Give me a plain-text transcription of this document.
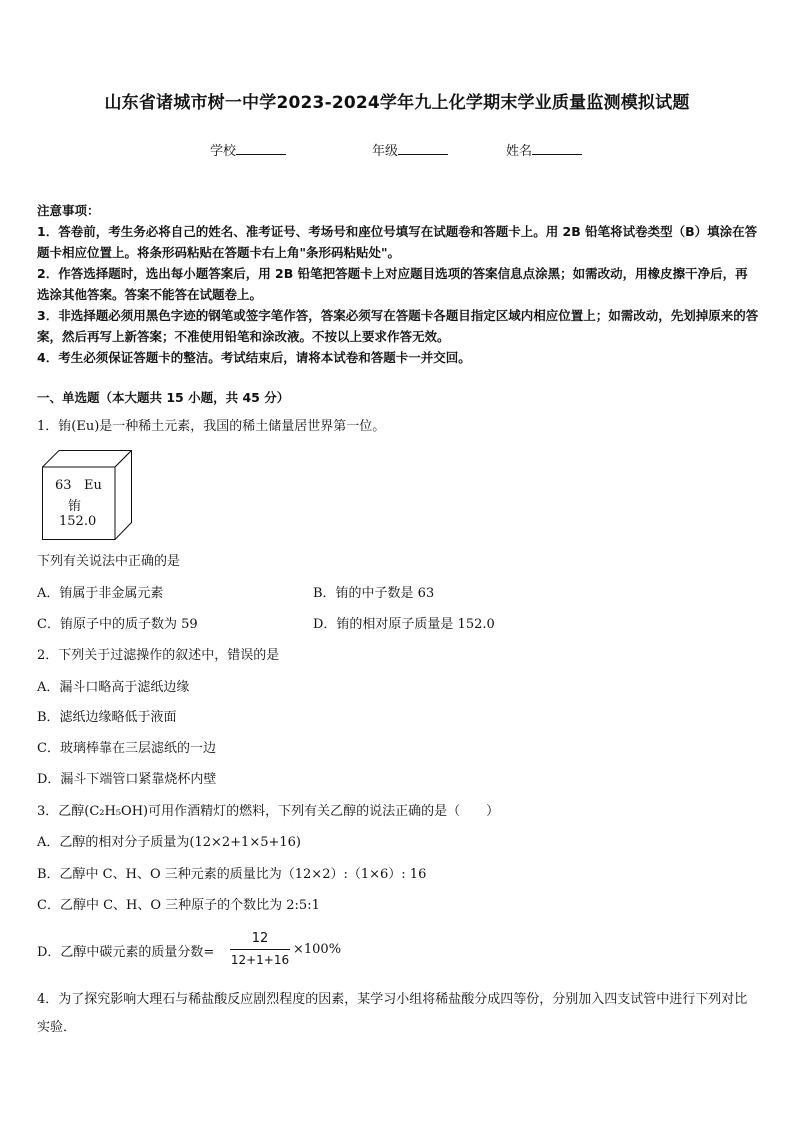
山东省诸城市树一中学2023-2024学年九上化学期末学业质量监测模拟试题
学校	年级	姓名

注意事项：

1．答卷前，考生务必将自己的姓名、准考证号、考场号和座位号填写在试题卷和答题卡上。用 2B 铅笔将试卷类型（B）填涂在答题卡相应位置上。将条形码粘贴在答题卡右上角"条形码粘贴处"。

2．作答选择题时，选出每小题答案后，用 2B 铅笔把答题卡上对应题目选项的答案信息点涂黑；如需改动，用橡皮擦干净后，再选涂其他答案。答案不能答在试题卷上。

3．非选择题必须用黑色字迹的钢笔或签字笔作答，答案必须写在答题卡各题目指定区域内相应位置上；如需改动，先划掉原来的答案，然后再写上新答案；不准使用铅笔和涂改液。不按以上要求作答无效。

4．考生必须保证答题卡的整洁。考试结束后，请将本试卷和答题卡一并交回。

一、单选题（本大题共 15 小题，共 45 分）
1．铕(Eu)是一种稀土元素，我国的稀土储量居世界第一位。
63 Eu
铕
152.0
下列有关说法中正确的是
A．铕属于非金属元素	B．铕的中子数是 63
C．铕原子中的质子数为 59	D．铕的相对原子质量是 152.0
2．下列关于过滤操作的叙述中，错误的是
A．漏斗口略高于滤纸边缘
B．滤纸边缘略低于液面
C．玻璃棒靠在三层滤纸的一边
D．漏斗下端管口紧靠烧杯内壁
3．乙醇(C₂H₅OH)可用作酒精灯的燃料，下列有关乙醇的说法正确的是（　　）
A．乙醇的相对分子质量为(12×2+1×5+16)
B．乙醇中 C、H、O 三种元素的质量比为（12×2）:（1×6）: 16
C．乙醇中 C、H、O 三种原子的个数比为 2:5:1
D．乙醇中碳元素的质量分数=
12
12+1+16
×100%

4．为了探究影响大理石与稀盐酸反应剧烈程度的因素，某学习小组将稀盐酸分成四等份，分别加入四支试管中进行下列对比实验．
